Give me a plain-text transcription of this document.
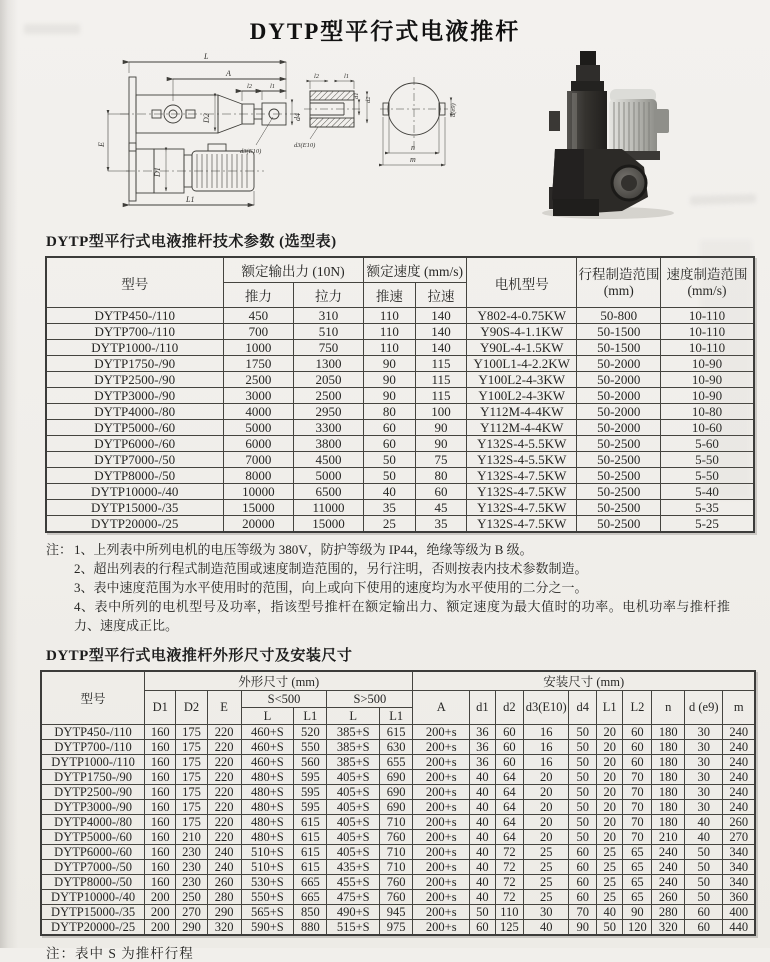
DYTP型平行式电液推杆
L
A
l2	l1
D2	d4
d3(E10)
E
D1
L1
l2	l1
d1
d2
d3(E10)
d(e9)
n
m
DYTP型平行式电液推杆技术参数 (选型表)
型号	额定输出力 (10N)		额定速度 (mm/s)		电机型号	行程制造范围
(mm)	速度制造范围
(mm/s)

	推力	拉力	推速	拉速			
DYTP450-/110	450	310	110	140	Y802-4-0.75KW	50-800	10-110
DYTP700-/110	700	510	110	140	Y90S-4-1.1KW	50-1500	10-110
DYTP1000-/110	1000	750	110	140	Y90L-4-1.5KW	50-1500	10-110
DYTP1750-/90	1750	1300	90	115	Y100L1-4-2.2KW	50-2000	10-90
DYTP2500-/90	2500	2050	90	115	Y100L2-4-3KW	50-2000	10-90
DYTP3000-/90	3000	2500	90	115	Y100L2-4-3KW	50-2000	10-90
DYTP4000-/80	4000	2950	80	100	Y112M-4-4KW	50-2000	10-80
DYTP5000-/60	5000	3300	60	90	Y112M-4-4KW	50-2000	10-60
DYTP6000-/60	6000	3800	60	90	Y132S-4-5.5KW	50-2500	5-60
DYTP7000-/50	7000	4500	50	75	Y132S-4-5.5KW	50-2500	5-50
DYTP8000-/50	8000	5000	50	80	Y132S-4-7.5KW	50-2500	5-50
DYTP10000-/40	10000	6500	40	60	Y132S-4-7.5KW	50-2500	5-40
DYTP15000-/35	15000	11000	35	45	Y132S-4-7.5KW	50-2500	5-35
DYTP20000-/25	20000	15000	25	35	Y132S-4-7.5KW	50-2500	5-25
注： 1、上列表中所列电机的电压等级为 380V，防护等级为 IP44，绝缘等级为 B 级。
2、超出列表的行程式制造范围或速度制造范围的，另行注明，否则按表内技术参数制造。
3、表中速度范围为水平使用时的范围，向上或向下使用的速度均为水平使用的二分之一。
4、表中所列的电机型号及功率，指该型号推杆在额定输出力、额定速度为最大值时的功率。电机功率与推杆推力、速度成正比。
DYTP型平行式电液推杆外形尺寸及安装尺寸
型号	外形尺寸 (mm)							安装尺寸 (mm)									
	D1	D2	E	S<500		S>500		A	d1	d2	d3(E10)	d4	L1	L2	n	d (e9)	m
				L	L1	L	L1										
DYTP450-/110	160	175	220	460+S	520	385+S	615	200+s	36	60	16	50	20	60	180	30	240
DYTP700-/110	160	175	220	460+S	550	385+S	630	200+s	36	60	16	50	20	60	180	30	240
DYTP1000-/110	160	175	220	460+S	560	385+S	655	200+s	36	60	16	50	20	60	180	30	240
DYTP1750-/90	160	175	220	480+S	595	405+S	690	200+s	40	64	20	50	20	70	180	30	240
DYTP2500-/90	160	175	220	480+S	595	405+S	690	200+s	40	64	20	50	20	70	180	30	240
DYTP3000-/90	160	175	220	480+S	595	405+S	690	200+s	40	64	20	50	20	70	180	30	240
DYTP4000-/80	160	175	220	480+S	615	405+S	710	200+s	40	64	20	50	20	70	180	40	260
DYTP5000-/60	160	210	220	480+S	615	405+S	760	200+s	40	64	20	50	20	70	210	40	270
DYTP6000-/60	160	230	240	510+S	615	405+S	710	200+s	40	72	25	60	25	65	240	50	340
DYTP7000-/50	160	230	240	510+S	615	435+S	710	200+s	40	72	25	60	25	65	240	50	340
DYTP8000-/50	160	230	260	530+S	665	455+S	760	200+s	40	72	25	60	25	65	240	50	340
DYTP10000-/40	200	250	280	550+S	665	475+S	760	200+s	40	72	25	60	25	65	260	50	360
DYTP15000-/35	200	270	290	565+S	850	490+S	945	200+s	50	110	30	70	40	90	280	60	400
DYTP20000-/25	200	290	320	590+S	880	515+S	975	200+s	60	125	40	90	50	120	320	60	440
注：表中 S 为推杆行程
